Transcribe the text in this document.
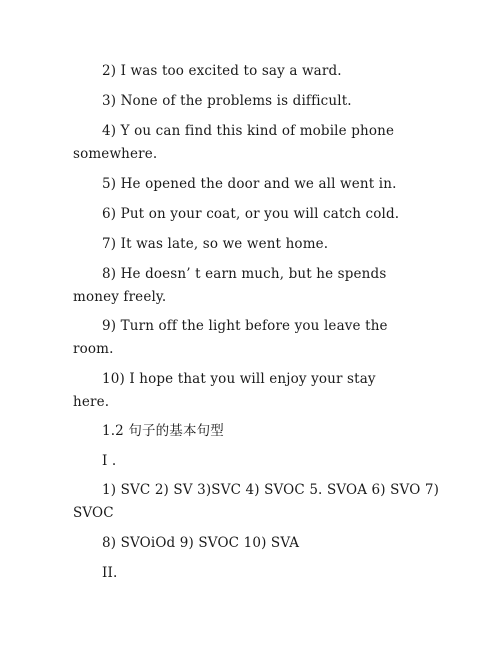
2) I was too excited to say a ward.
3) None of the problems is difficult.
4) Y ou can find this kind of mobile phone
somewhere.
5) He opened the door and we all went in.
6) Put on your coat, or you will catch cold.
7) It was late, so we went home.
8) He doesn’ t earn much, but he spends
money freely.
9) Turn off the light before you leave the
room.
10) I hope that you will enjoy your stay
here.
1.2 句子的基本句型
I .
1) SVC 2) SV 3)SVC 4) SVOC 5. SVOA 6) SVO 7)
SVOC
8) SVOiOd 9) SVOC 10) SVA
II.
